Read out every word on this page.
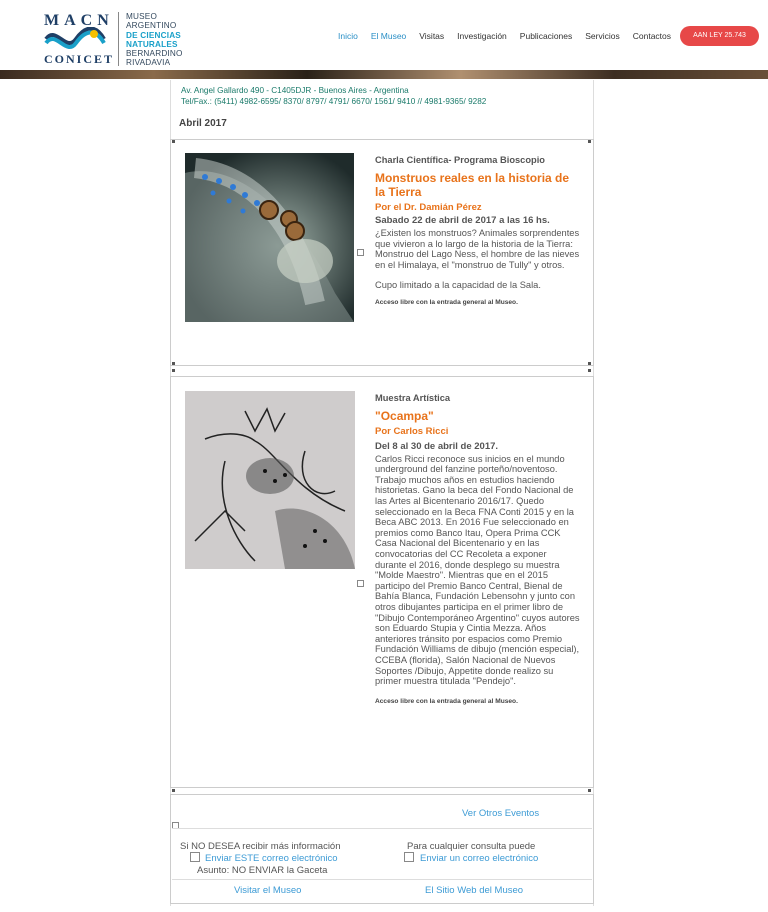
MACN
CONICET
MUSEO
ARGENTINO
DE CIENCIAS
NATURALES
BERNARDINO
RIVADAVIA
Inicio El Museo Visitas Investigación Publicaciones Servicios Contactos	AAN LEY 25.743
Av. Angel Gallardo 490 - C1405DJR - Buenos Aires - Argentina
Tel/Fax.: (5411) 4982-6595/ 8370/ 8797/ 4791/ 6670/ 1561/ 9410 // 4981-9365/ 9282
Abril 2017
Charla Científica- Programa Bioscopio
Monstruos reales en la historia de la Tierra
Por el Dr. Damián Pérez
Sabado 22 de abril de 2017 a las 16 hs.
¿Existen los monstruos? Animales sorprendentes que vivieron a lo largo de la historia de la Tierra: Monstruo del Lago Ness, el hombre de las nieves en el Himalaya, el "monstruo de Tully" y otros.
Cupo limitado a la capacidad de la Sala.
Acceso libre con la entrada general al Museo.
Muestra Artística
"Ocampa"
Por Carlos Ricci
Del 8 al 30 de abril de 2017.
Carlos Ricci reconoce sus inicios en el mundo underground del fanzine porteño/noventoso. Trabajo muchos años en estudios haciendo historietas. Gano la beca del Fondo Nacional de las Artes al Bicentenario 2016/17. Quedo seleccionado en la Beca FNA Conti 2015 y en la Beca ABC 2013. En 2016 Fue seleccionado en premios como Banco Itau, Opera Prima CCK Casa Nacional del Bicentenario y en las convocatorias del CC Recoleta a exponer durante el 2016, donde desplego su muestra "Molde Maestro". Mientras que en el 2015 participo del Premio Banco Central, Bienal de Bahía Blanca, Fundación Lebensohn y junto con otros dibujantes participa en el primer libro de "Dibujo Contemporáneo Argentino" cuyos autores son Eduardo Stupia y Cintia Mezza. Años anteriores tránsito por espacios como Premio Fundación Williams de dibujo (mención especial), CCEBA (florida), Salón Nacional de Nuevos Soportes /Dibujo, Appetite donde realizo su primer muestra titulada "Pendejo".
Acceso libre con la entrada general al Museo.
Ver Otros Eventos
Si NO DESEA recibir más información
Enviar ESTE correo electrónico
Asunto: NO ENVIAR la Gaceta
Para cualquier consulta puede
Enviar un correo electrónico
Visitar el Museo	El Sitio Web del Museo
